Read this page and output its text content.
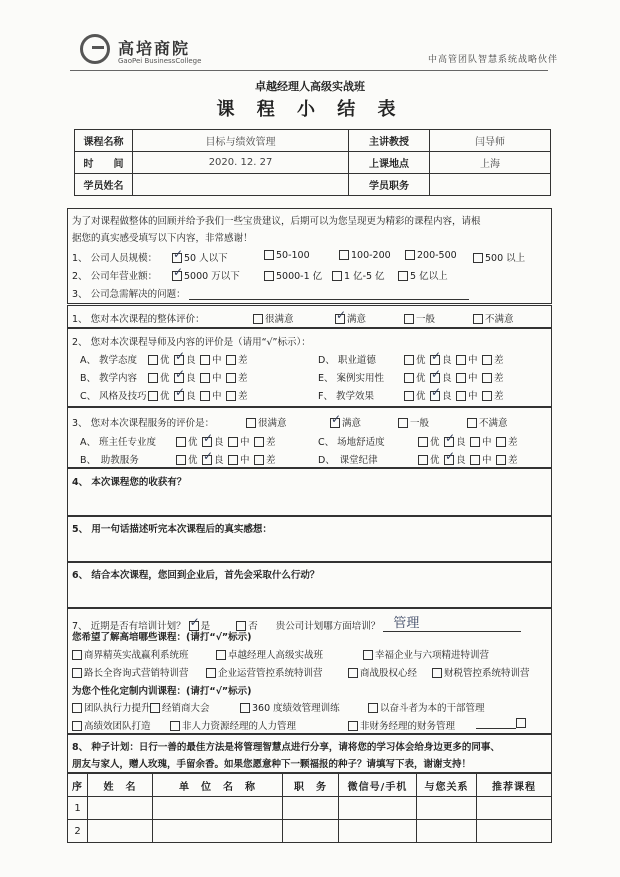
高培商院
GaoPei BusinessCollege	中高管团队智慧系统战略伙伴
卓越经理人高级实战班
课 程 小 结 表
课程名称	目标与绩效管理	主讲教授	闫导师
时　　间	2020. 12. 27	上课地点	上海
学员姓名		学员职务	
为了对课程做整体的回顾并给予我们一些宝贵建议，后期可以为您呈现更为精彩的课程内容，请根
据您的真实感受填写以下内容，非常感谢！
1、 公司人员规模： ✓	50 人以下	50-100	100-200	200-500	500 以上
2、 公司年营业额： ✓	5000 万以下	5000-1 亿	1 亿-5 亿	5 亿以上
3、 公司急需解决的问题：
1、 您对本次课程的整体评价：	很满意 ✓	满意	一般	不满意
2、 您对本次课程导师及内容的评价是（请用“√”标示）：
A、 教学态度	优 ✓	良	中	差
B、 教学内容	优 ✓	良	中	差
C、 风格及技巧	优 ✓	良	中	差
D、 职业道德	优 ✓	良	中	差
E、 案例实用性	优 ✓	良	中	差
F、 教学效果	优 ✓	良	中	差
3、 您对本次课程服务的评价是：	很满意 ✓	满意	一般	不满意
A、 班主任专业度	优 ✓	良	中	差
B、　助教服务	优 ✓	良	中	差
C、 场地舒适度	优 ✓	良	中	差
D、　课堂纪律	优 ✓	良	中	差
4、 本次课程您的收获有？
5、 用一句话描述听完本次课程后的真实感想：
6、 结合本次课程，您回到企业后，首先会采取什么行动？
7、 近期是否有培训计划？ ✓ 是	否 贵公司计划哪方面培训？ 管理
您希望了解高培哪些课程：(请打“√”标示)
商界精英实战赢利系统班	卓越经理人高级实战班	幸福企业与六项精进特训营
路长全咨询式营销特训营	企业运营管控系统特训营	商战股权心经	财税管控系统特训营
为您个性化定制内训课程：(请打“√”标示)
团队执行力提升	经销商大会	360 度绩效管理训练	以奋斗者为本的干部管理
高绩效团队打造	非人力资源经理的人力管理	非财务经理的财务管理
8、 种子计划：日行一善的最佳方法是将管理智慧点进行分享，请将您的学习体会给身边更多的同事、
朋友与家人，赠人玫瑰，手留余香。如果您愿意种下一颗福报的种子？请填写下表，谢谢支持！
序	姓　名	单　位　名　称	职　务	微信号/手机	与您关系	推荐课程
1						
2						
